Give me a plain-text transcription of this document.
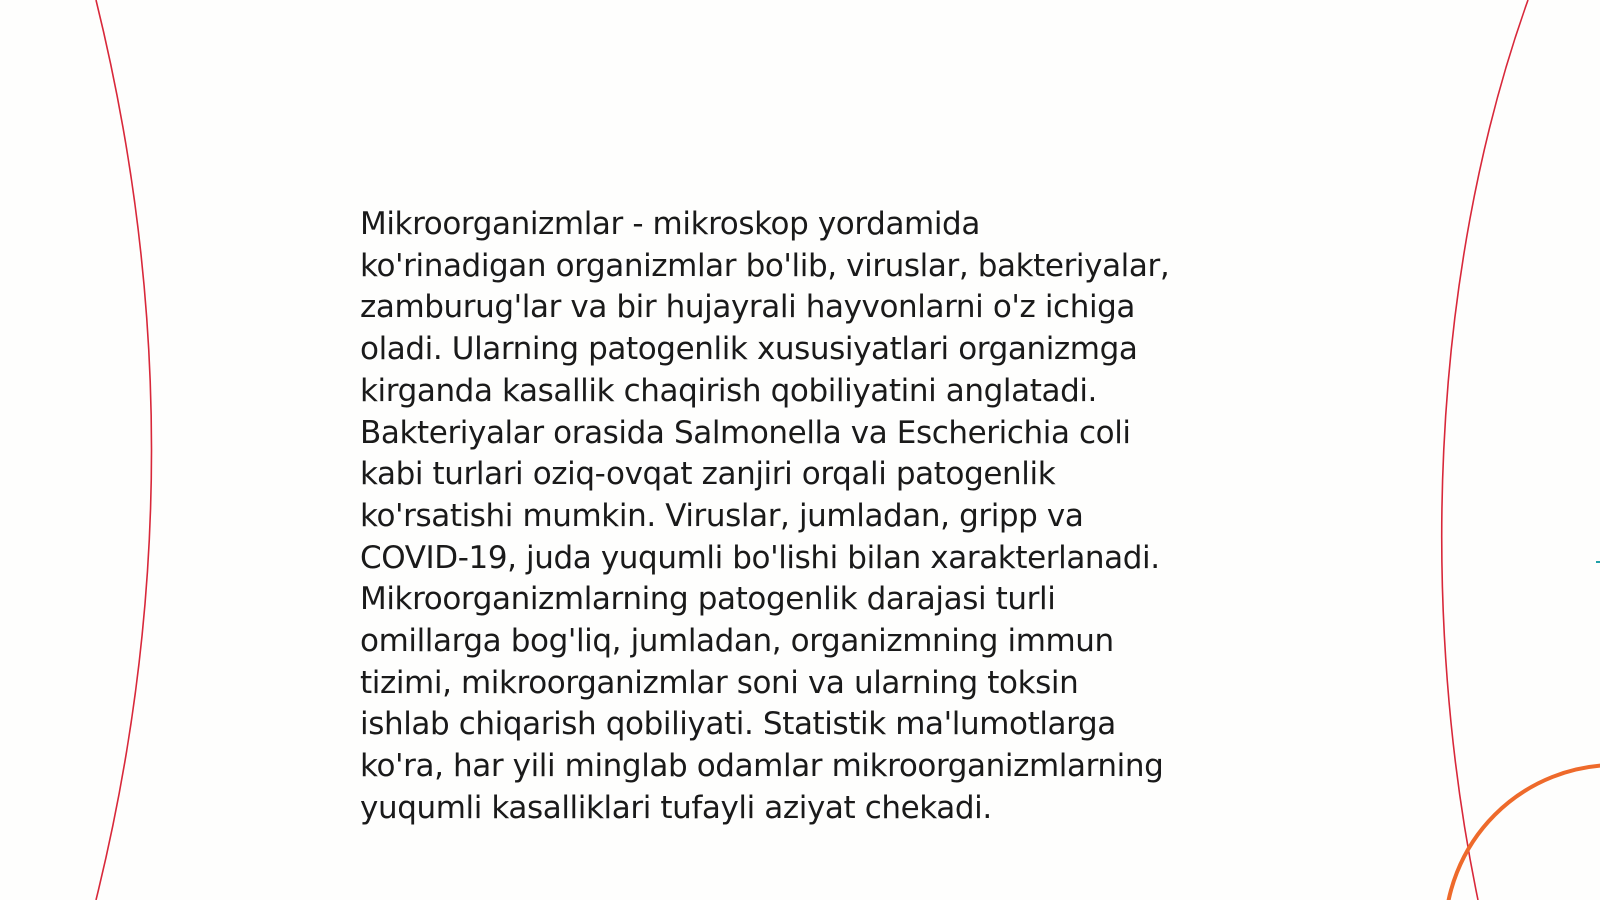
Mikroorganizmlar - mikroskop yordamida
ko'rinadigan organizmlar bo'lib, viruslar, bakteriyalar,
zamburug'lar va bir hujayrali hayvonlarni o'z ichiga
oladi. Ularning patogenlik xususiyatlari organizmga
kirganda kasallik chaqirish qobiliyatini anglatadi.
Bakteriyalar orasida Salmonella va Escherichia coli
kabi turlari oziq-ovqat zanjiri orqali patogenlik
ko'rsatishi mumkin. Viruslar, jumladan, gripp va
COVID-19, juda yuqumli bo'lishi bilan xarakterlanadi.
Mikroorganizmlarning patogenlik darajasi turli
omillarga bog'liq, jumladan, organizmning immun
tizimi, mikroorganizmlar soni va ularning toksin
ishlab chiqarish qobiliyati. Statistik ma'lumotlarga
ko'ra, har yili minglab odamlar mikroorganizmlarning
yuqumli kasalliklari tufayli aziyat chekadi.
